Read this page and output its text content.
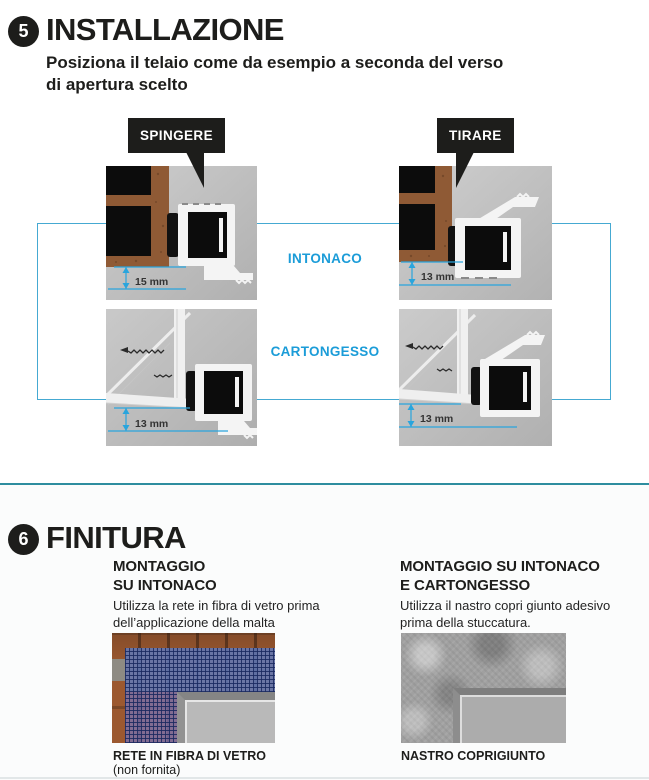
5 INSTALLAZIONE
Posiziona il telaio come da esempio a seconda del verso
di apertura scelto
15 mm	13 mm
13 mm	13 mm
SPINGERE	TIRARE
INTONACO
CARTONGESSO
6 FINITURA
MONTAGGIO
SU INTONACO
Utilizza la rete in fibra di vetro prima
dell’applicazione della malta
RETE IN FIBRA DI VETRO
(non fornita)
MONTAGGIO SU INTONACO
E CARTONGESSO
Utilizza il nastro copri giunto adesivo
prima della stuccatura.
NASTRO COPRIGIUNTO
